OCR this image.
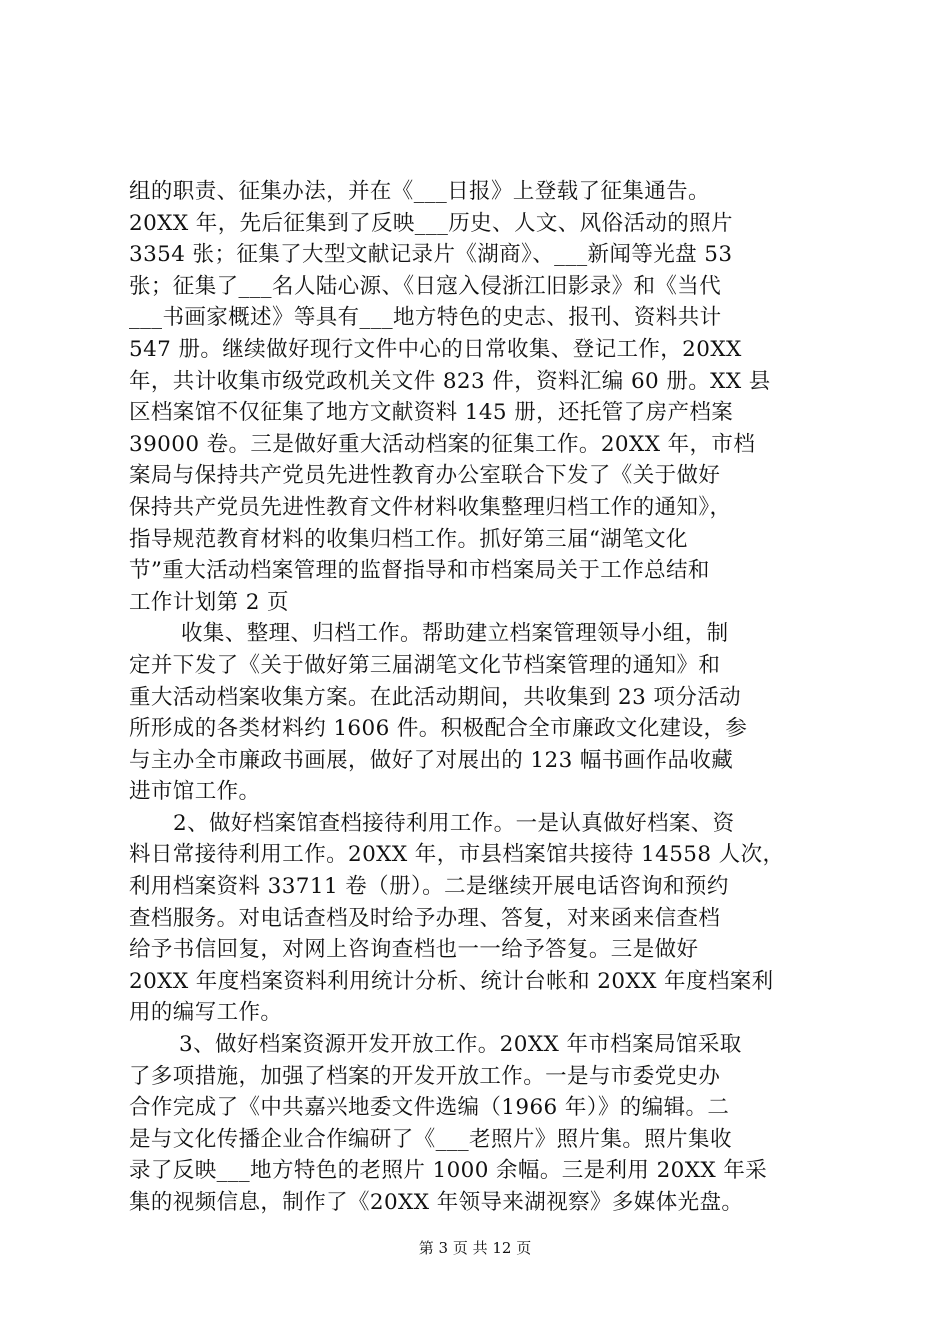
组的职责、征集办法，并在《___日报》上登载了征集通告。
20XX 年，先后征集到了反映___历史、人文、风俗活动的照片
3354 张；征集了大型文献记录片《湖商》、___新闻等光盘 53
张；征集了___名人陆心源、《日寇入侵浙江旧影录》和《当代
___书画家概述》等具有___地方特色的史志、报刊、资料共计
547 册。继续做好现行文件中心的日常收集、登记工作，20XX
年，共计收集市级党政机关文件 823 件，资料汇编 60 册。XX 县
区档案馆不仅征集了地方文献资料 145 册，还托管了房产档案
39000 卷。三是做好重大活动档案的征集工作。20XX 年，市档
案局与保持共产党员先进性教育办公室联合下发了《关于做好
保持共产党员先进性教育文件材料收集整理归档工作的通知》，
指导规范教育材料的收集归档工作。抓好第三届“湖笔文化
节”重大活动档案管理的监督指导和市档案局关于工作总结和
工作计划第 2 页
收集、整理、归档工作。帮助建立档案管理领导小组，制
定并下发了《关于做好第三届湖笔文化节档案管理的通知》和
重大活动档案收集方案。在此活动期间，共收集到 23 项分活动
所形成的各类材料约 1606 件。积极配合全市廉政文化建设，参
与主办全市廉政书画展，做好了对展出的 123 幅书画作品收藏
进市馆工作。
2、做好档案馆查档接待利用工作。一是认真做好档案、资
料日常接待利用工作。20XX 年，市县档案馆共接待 14558 人次，
利用档案资料 33711 卷（册）。二是继续开展电话咨询和预约
查档服务。对电话查档及时给予办理、答复，对来函来信查档
给予书信回复，对网上咨询查档也一一给予答复。三是做好
20XX 年度档案资料利用统计分析、统计台帐和 20XX 年度档案利
用的编写工作。
3、做好档案资源开发开放工作。20XX 年市档案局馆采取
了多项措施，加强了档案的开发开放工作。一是与市委党史办
合作完成了《中共嘉兴地委文件选编（1966 年）》的编辑。二
是与文化传播企业合作编研了《___老照片》照片集。照片集收
录了反映___地方特色的老照片 1000 余幅。三是利用 20XX 年采
集的视频信息，制作了《20XX 年领导来湖视察》多媒体光盘。
第 3 页 共 12 页
